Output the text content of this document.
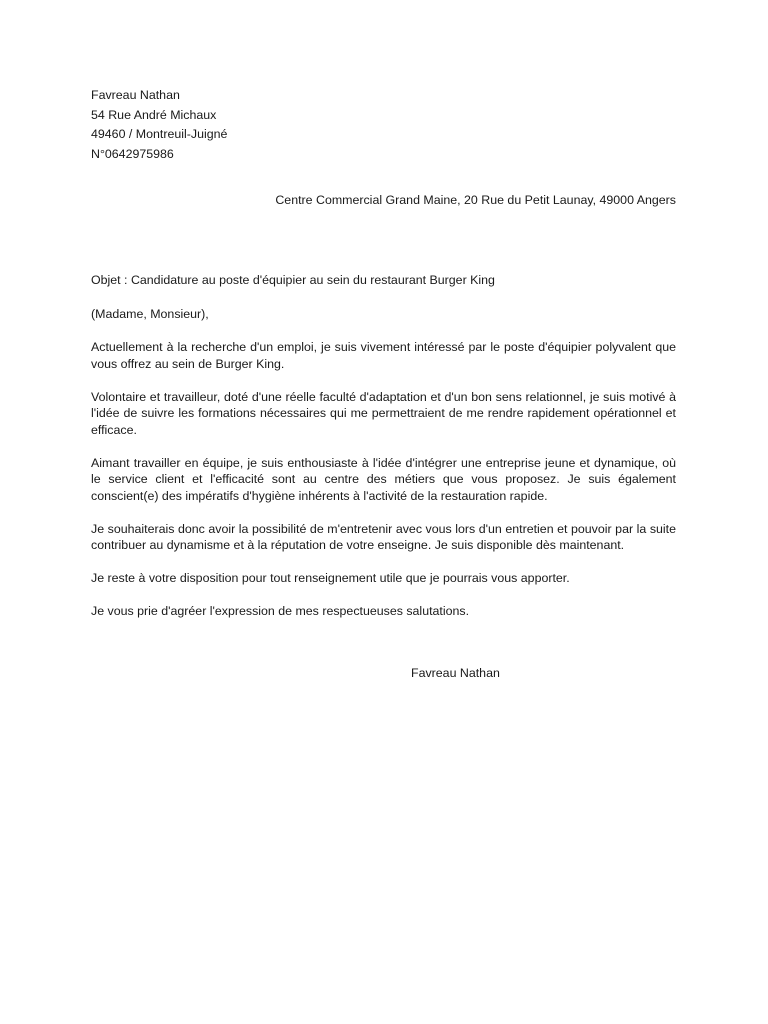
Favreau Nathan
54 Rue André Michaux
49460 / Montreuil-Juigné
N°0642975986
Centre Commercial Grand Maine, 20 Rue du Petit Launay, 49000 Angers

Objet : Candidature au poste d'équipier au sein du restaurant Burger King

(Madame, Monsieur),

Actuellement à la recherche d'un emploi, je suis vivement intéressé par le poste d'équipier polyvalent que vous offrez au sein de Burger King.

Volontaire et travailleur, doté d'une réelle faculté d'adaptation et d'un bon sens relationnel, je suis motivé à l'idée de suivre les formations nécessaires qui me permettraient de me rendre rapidement opérationnel et efficace.

Aimant travailler en équipe, je suis enthousiaste à l'idée d'intégrer une entreprise jeune et dynamique, où le service client et l'efficacité sont au centre des métiers que vous proposez. Je suis également conscient(e) des impératifs d'hygiène inhérents à l'activité de la restauration rapide.

Je souhaiterais donc avoir la possibilité de m'entretenir avec vous lors d'un entretien et pouvoir par la suite contribuer au dynamisme et à la réputation de votre enseigne. Je suis disponible dès maintenant.

Je reste à votre disposition pour tout renseignement utile que je pourrais vous apporter.

Je vous prie d'agréer l'expression de mes respectueuses salutations.

Favreau Nathan
